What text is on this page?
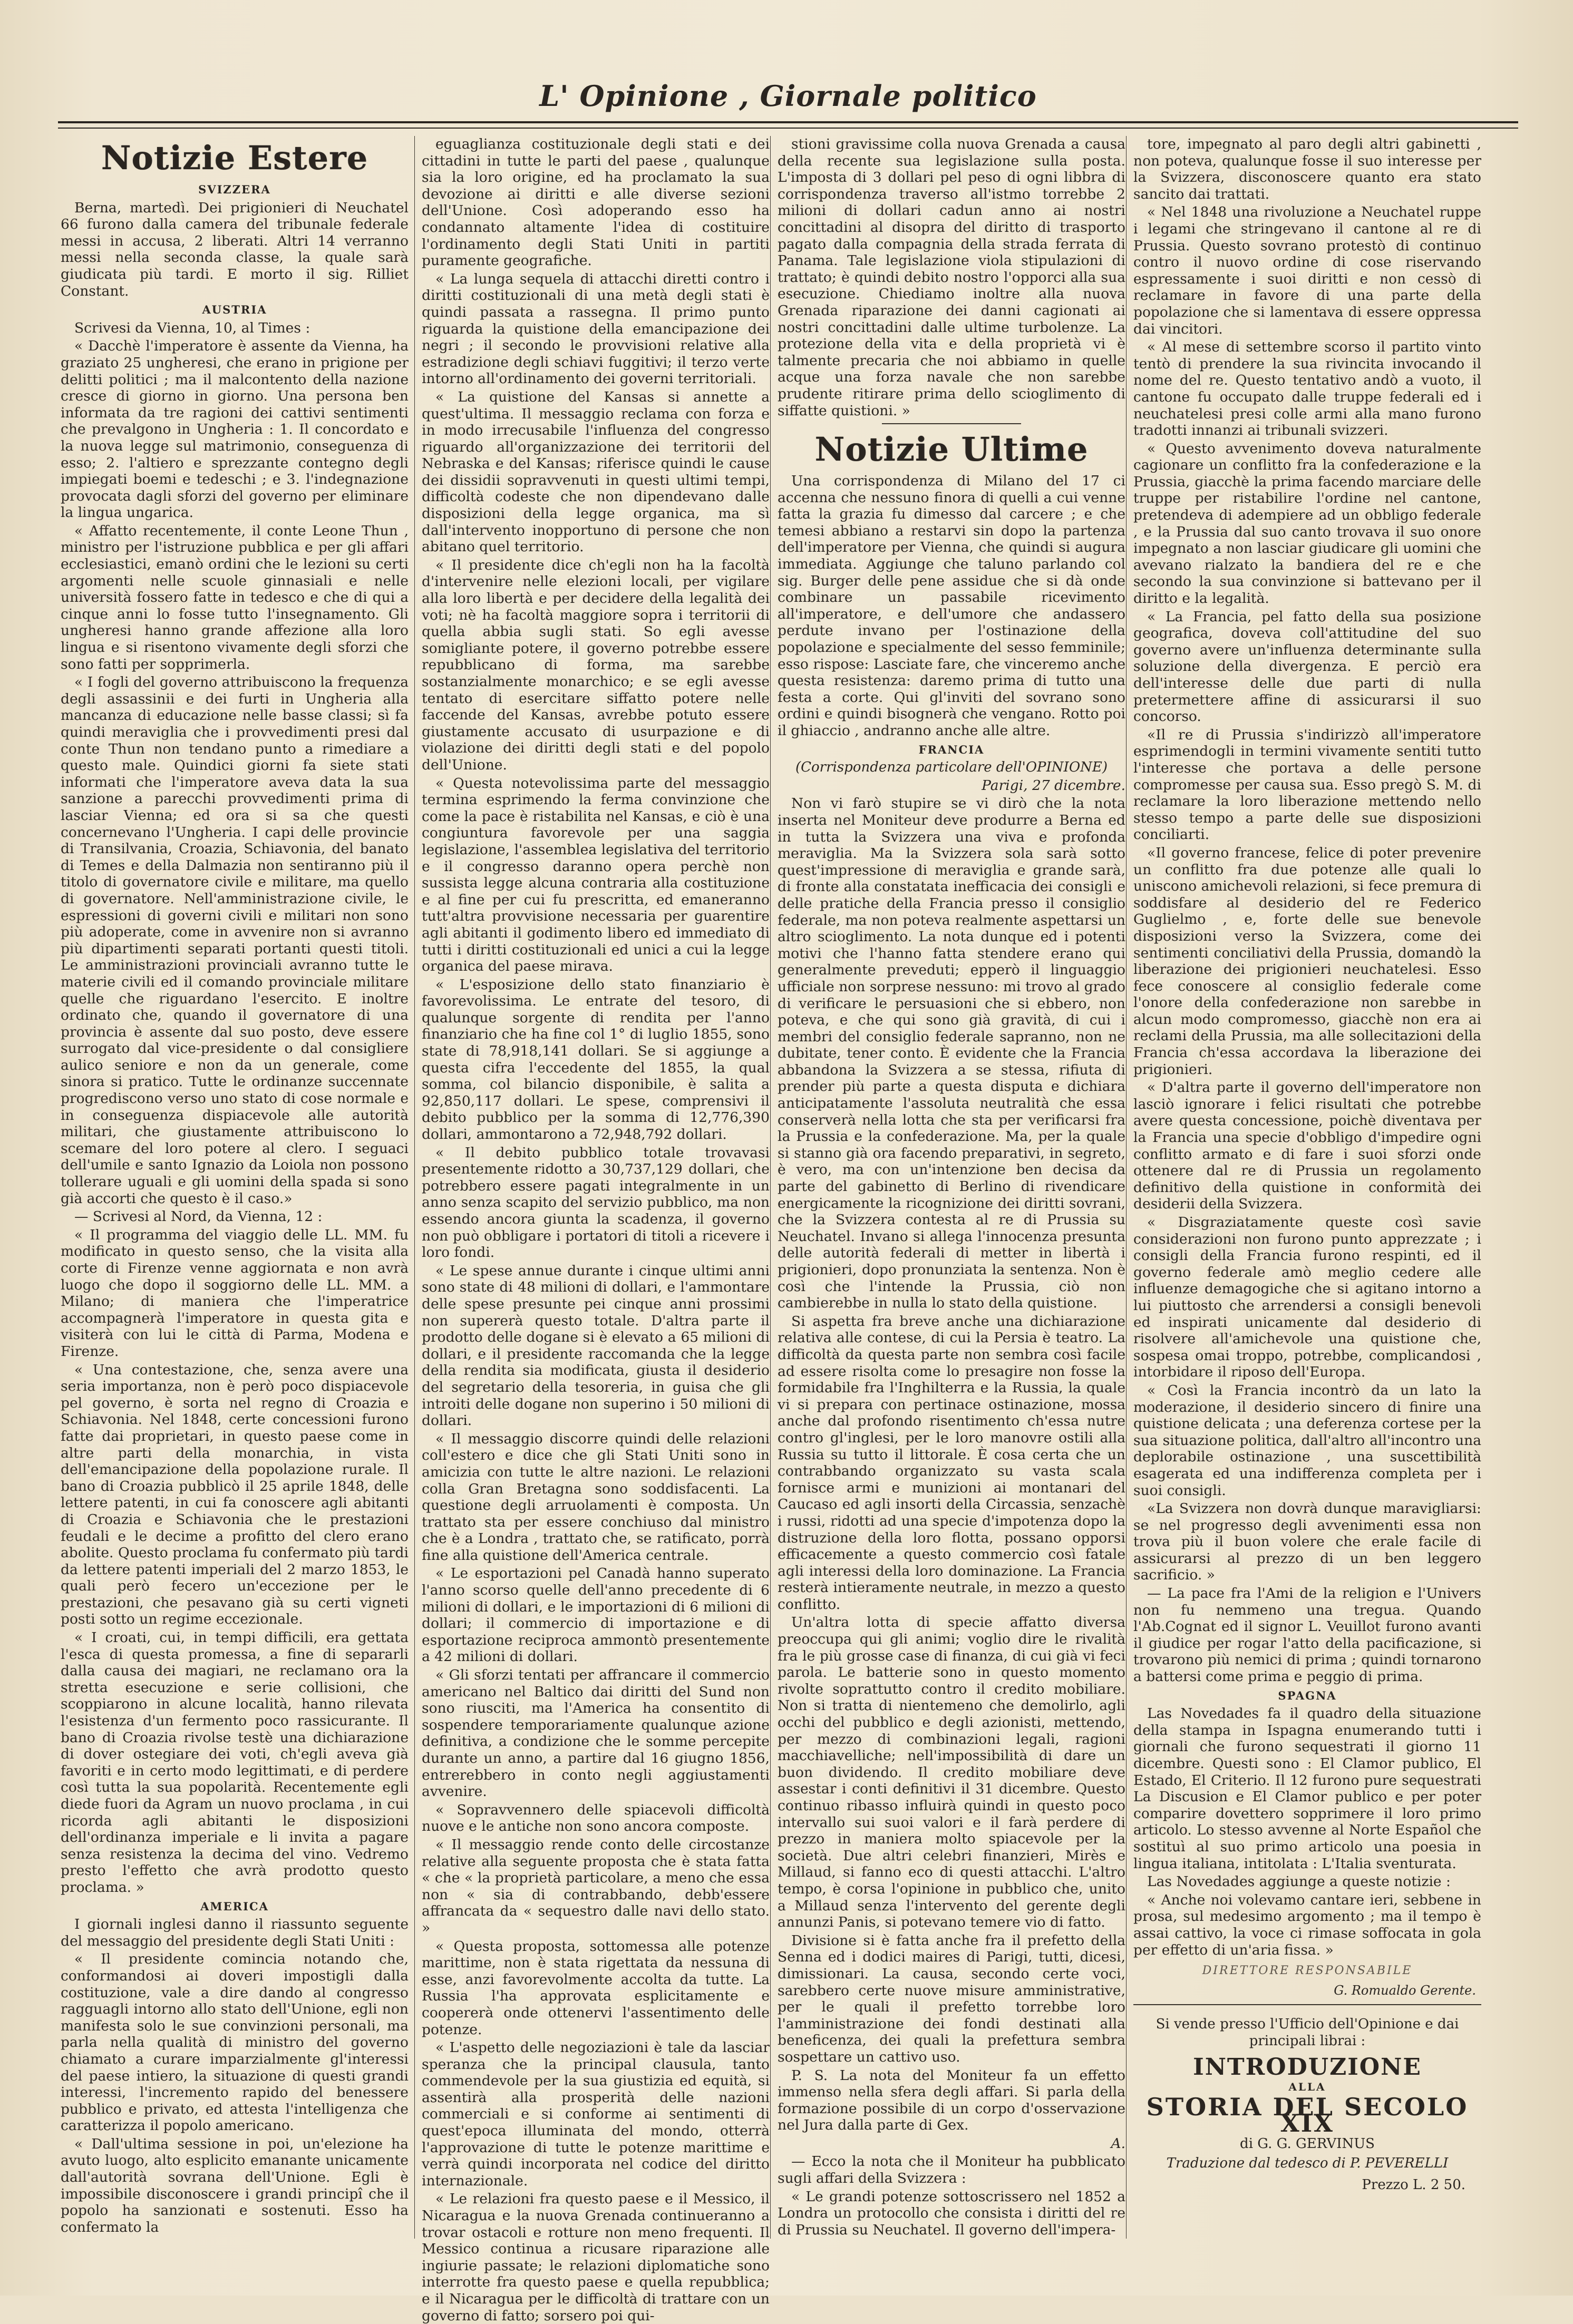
L' Opinione , Giornale politico
Notizie Estere
SVIZZERA

Berna, martedì. Dei prigionieri di Neuchatel 66 furono dalla camera del tribunale federale messi in accusa, 2 liberati. Altri 14 verranno messi nella seconda classe, la quale sarà giudicata più tardi. E morto il sig. Rilliet Constant.

AUSTRIA

Scrivesi da Vienna, 10, al Times :

« Dacchè l'imperatore è assente da Vienna, ha graziato 25 ungheresi, che erano in prigione per delitti politici ; ma il malcontento della nazione cresce di giorno in giorno. Una persona ben informata da tre ragioni dei cattivi sentimenti che prevalgono in Ungheria : 1. Il concordato e la nuova legge sul matrimonio, conseguenza di esso; 2. l'altiero e sprezzante contegno degli impiegati boemi e tedeschi ; e 3. l'indegnazione provocata dagli sforzi del governo per eliminare la lingua ungarica.

« Affatto recentemente, il conte Leone Thun , ministro per l'istruzione pubblica e per gli affari ecclesiastici, emanò ordini che le lezioni su certi argomenti nelle scuole ginnasiali e nelle università fossero fatte in tedesco e che di qui a cinque anni lo fosse tutto l'insegnamento. Gli ungheresi hanno grande affezione alla loro lingua e si risentono vivamente degli sforzi che sono fatti per sopprimerla.

« I fogli del governo attribuiscono la frequenza degli assassinii e dei furti in Ungheria alla mancanza di educazione nelle basse classi; sì fa quindi meraviglia che i provvedimenti presi dal conte Thun non tendano punto a rimediare a questo male. Quindici giorni fa siete stati informati che l'imperatore aveva data la sua sanzione a parecchi provvedimenti prima di lasciar Vienna; ed ora si sa che questi concernevano l'Ungheria. I capi delle provincie di Transilvania, Croazia, Schiavonia, del banato di Temes e della Dalmazia non sentiranno più il titolo di governatore civile e militare, ma quello di governatore. Nell'amministrazione civile, le espressioni di governi civili e militari non sono più adoperate, come in avvenire non si avranno più dipartimenti separati portanti questi titoli. Le amministrazioni provinciali avranno tutte le materie civili ed il comando provinciale militare quelle che riguardano l'esercito. E inoltre ordinato che, quando il governatore di una provincia è assente dal suo posto, deve essere surrogato dal vice-presidente o dal consigliere aulico seniore e non da un generale, come sinora si pratico. Tutte le ordinanze succennate progrediscono verso uno stato di cose normale e in conseguenza dispiacevole alle autorità militari, che giustamente attribuiscono lo scemare del loro potere al clero. I seguaci dell'umile e santo Ignazio da Loiola non possono tollerare uguali e gli uomini della spada si sono già accorti che questo è il caso.»

— Scrivesi al Nord, da Vienna, 12 :

« Il programma del viaggio delle LL. MM. fu modificato in questo senso, che la visita alla corte di Firenze venne aggiornata e non avrà luogo che dopo il soggiorno delle LL. MM. a Milano; di maniera che l'imperatrice accompagnerà l'imperatore in questa gita e visiterà con lui le città di Parma, Modena e Firenze.

« Una contestazione, che, senza avere una seria importanza, non è però poco dispiacevole pel governo, è sorta nel regno di Croazia e Schiavonia. Nel 1848, certe concessioni furono fatte dai proprietari, in questo paese come in altre parti della monarchia, in vista dell'emancipazione della popolazione rurale. Il bano di Croazia pubblicò il 25 aprile 1848, delle lettere patenti, in cui fa conoscere agli abitanti di Croazia e Schiavonia che le prestazioni feudali e le decime a profitto del clero erano abolite. Questo proclama fu confermato più tardi da lettere patenti imperiali del 2 marzo 1853, le quali però fecero un'eccezione per le prestazioni, che pesavano già su certi vigneti posti sotto un regime eccezionale.

« I croati, cui, in tempi difficili, era gettata l'esca di questa promessa, a fine di separarli dalla causa dei magiari, ne reclamano ora la stretta esecuzione e serie collisioni, che scoppiarono in alcune località, hanno rilevata l'esistenza d'un fermento poco rassicurante. Il bano di Croazia rivolse testè una dichiarazione di dover ostegiare dei voti, ch'egli aveva già favoriti e in certo modo legittimati, e di perdere così tutta la sua popolarità. Recentemente egli diede fuori da Agram un nuovo proclama , in cui ricorda agli abitanti le disposizioni dell'ordinanza imperiale e li invita a pagare senza resistenza la decima del vino. Vedremo presto l'effetto che avrà prodotto questo proclama. »

AMERICA

I giornali inglesi danno il riassunto seguente del messaggio del presidente degli Stati Uniti :

« Il presidente comincia notando che, conformandosi ai doveri impostigli dalla costituzione, vale a dire dando al congresso ragguagli intorno allo stato dell'Unione, egli non manifesta solo le sue convinzioni personali, ma parla nella qualità di ministro del governo chiamato a curare imparzialmente gl'interessi del paese intiero, la situazione di questi grandi interessi, l'incremento rapido del benessere pubblico e privato, ed attesta l'intelligenza che caratterizza il popolo americano.

« Dall'ultima sessione in poi, un'elezione ha avuto luogo, alto esplicito emanante unicamente dall'autorità sovrana dell'Unione. Egli è impossibile disconoscere i grandi principî che il popolo ha sanzionati e sostenuti. Esso ha confermato la

eguaglianza costituzionale degli stati e dei cittadini in tutte le parti del paese , qualunque sia la loro origine, ed ha proclamato la sua devozione ai diritti e alle diverse sezioni dell'Unione. Così adoperando esso ha condannato altamente l'idea di costituire l'ordinamento degli Stati Uniti in partiti puramente geografiche.

« La lunga sequela di attacchi diretti contro i diritti costituzionali di una metà degli stati è quindi passata a rassegna. Il primo punto riguarda la quistione della emancipazione dei negri ; il secondo le provvisioni relative alla estradizione degli schiavi fuggitivi; il terzo verte intorno all'ordinamento dei governi territoriali.

« La quistione del Kansas si annette a quest'ultima. Il messaggio reclama con forza e in modo irrecusabile l'influenza del congresso riguardo all'organizzazione dei territorii del Nebraska e del Kansas; riferisce quindi le cause dei dissidii sopravvenuti in questi ultimi tempi, difficoltà codeste che non dipendevano dalle disposizioni della legge organica, ma sì dall'intervento inopportuno di persone che non abitano quel territorio.

« Il presidente dice ch'egli non ha la facoltà d'intervenire nelle elezioni locali, per vigilare alla loro libertà e per decidere della legalità dei voti; nè ha facoltà maggiore sopra i territorii di quella abbia sugli stati. So egli avesse somigliante potere, il governo potrebbe essere repubblicano di forma, ma sarebbe sostanzialmente monarchico; e se egli avesse tentato di esercitare siffatto potere nelle faccende del Kansas, avrebbe potuto essere giustamente accusato di usurpazione e di violazione dei diritti degli stati e del popolo dell'Unione.

« Questa notevolissima parte del messaggio termina esprimendo la ferma convinzione che come la pace è ristabilita nel Kansas, e ciò è una congiuntura favorevole per una saggia legislazione, l'assemblea legislativa del territorio e il congresso daranno opera perchè non sussista legge alcuna contraria alla costituzione e al fine per cui fu prescritta, ed emaneranno tutt'altra provvisione necessaria per guarentire agli abitanti il godimento libero ed immediato di tutti i diritti costituzionali ed unici a cui la legge organica del paese mirava.

« L'esposizione dello stato finanziario è favorevolissima. Le entrate del tesoro, di qualunque sorgente di rendita per l'anno finanziario che ha fine col 1° di luglio 1855, sono state di 78,918,141 dollari. Se si aggiunge a questa cifra l'eccedente del 1855, la qual somma, col bilancio disponibile, è salita a 92,850,117 dollari. Le spese, comprensivi il debito pubblico per la somma di 12,776,390 dollari, ammontarono a 72,948,792 dollari.

« Il debito pubblico totale trovavasi presentemente ridotto a 30,737,129 dollari, che potrebbero essere pagati integralmente in un anno senza scapito del servizio pubblico, ma non essendo ancora giunta la scadenza, il governo non può obbligare i portatori di titoli a ricevere i loro fondi.

« Le spese annue durante i cinque ultimi anni sono state di 48 milioni di dollari, e l'ammontare delle spese presunte pei cinque anni prossimi non supererà questo totale. D'altra parte il prodotto delle dogane si è elevato a 65 milioni di dollari, e il presidente raccomanda che la legge della rendita sia modificata, giusta il desiderio del segretario della tesoreria, in guisa che gli introiti delle dogane non superino i 50 milioni di dollari.

« Il messaggio discorre quindi delle relazioni coll'estero e dice che gli Stati Uniti sono in amicizia con tutte le altre nazioni. Le relazioni colla Gran Bretagna sono soddisfacenti. La questione degli arruolamenti è composta. Un trattato sta per essere conchiuso dal ministro che è a Londra , trattato che, se ratificato, porrà fine alla quistione dell'America centrale.

« Le esportazioni pel Canadà hanno superato l'anno scorso quelle dell'anno precedente di 6 milioni di dollari, e le importazioni di 6 milioni di dollari; il commercio di importazione e di esportazione reciproca ammontò presentemente a 42 milioni di dollari.

« Gli sforzi tentati per affrancare il commercio americano nel Baltico dai diritti del Sund non sono riusciti, ma l'America ha consentito di sospendere temporariamente qualunque azione definitiva, a condizione che le somme percepite durante un anno, a partire dal 16 giugno 1856, entrerebbero in conto negli aggiustamenti avvenire.

« Sopravvennero delle spiacevoli difficoltà nuove e le antiche non sono ancora composte.

« Il messaggio rende conto delle circostanze relative alla seguente proposta che è stata fatta « che « la proprietà particolare, a meno che essa non « sia di contrabbando, debb'essere affrancata da « sequestro dalle navi dello stato. »

« Questa proposta, sottomessa alle potenze marittime, non è stata rigettata da nessuna di esse, anzi favorevolmente accolta da tutte. La Russia l'ha approvata esplicitamente e coopererà onde ottenervi l'assentimento delle potenze.

« L'aspetto delle negoziazioni è tale da lasciar speranza che la principal clausula, tanto commendevole per la sua giustizia ed equità, si assentirà alla prosperità delle nazioni commerciali e si conforme ai sentimenti di quest'epoca illuminata del mondo, otterrà l'approvazione di tutte le potenze marittime e verrà quindi incorporata nel codice del diritto internazionale.

« Le relazioni fra questo paese e il Messico, il Nicaragua e la nuova Grenada continueranno a trovar ostacoli e rotture non meno frequenti. Il Messico continua a ricusare riparazione alle ingiurie passate; le relazioni diplomatiche sono interrotte fra questo paese e quella repubblica; e il Nicaragua per le difficoltà di trattare con un governo di fatto; sorsero poi qui-

stioni gravissime colla nuova Grenada a causa della recente sua legislazione sulla posta. L'imposta di 3 dollari pel peso di ogni libbra di corrispondenza traverso all'istmo torrebbe 2 milioni di dollari cadun anno ai nostri concittadini al disopra del diritto di trasporto pagato dalla compagnia della strada ferrata di Panama. Tale legislazione viola stipulazioni di trattato; è quindi debito nostro l'opporci alla sua esecuzione. Chiediamo inoltre alla nuova Grenada riparazione dei danni cagionati ai nostri concittadini dalle ultime turbolenze. La protezione della vita e della proprietà vi è talmente precaria che noi abbiamo in quelle acque una forza navale che non sarebbe prudente ritirare prima dello scioglimento di siffatte quistioni. »

Notizie Ultime

Una corrispondenza di Milano del 17 ci accenna che nessuno finora di quelli a cui venne fatta la grazia fu dimesso dal carcere ; e che temesi abbiano a restarvi sin dopo la partenza dell'imperatore per Vienna, che quindi si augura immediata. Aggiunge che taluno parlando col sig. Burger delle pene assidue che si dà onde combinare un passabile ricevimento all'imperatore, e dell'umore che andassero perdute invano per l'ostinazione della popolazione e specialmente del sesso femminile; esso rispose: Lasciate fare, che vinceremo anche questa resistenza: daremo prima di tutto una festa a corte. Qui gl'inviti del sovrano sono ordini e quindi bisognerà che vengano. Rotto poi il ghiaccio , andranno anche alle altre.

FRANCIA
(Corrispondenza particolare dell'OPINIONE)
Parigi, 27 dicembre.

Non vi farò stupire se vi dirò che la nota inserta nel Moniteur deve produrre a Berna ed in tutta la Svizzera una viva e profonda meraviglia. Ma la Svizzera sola sarà sotto quest'impressione di meraviglia e grande sarà, di fronte alla constatata inefficacia dei consigli e delle pratiche della Francia presso il consiglio federale, ma non poteva realmente aspettarsi un altro scioglimento. La nota dunque ed i potenti motivi che l'hanno fatta stendere erano qui generalmente preveduti; epperò il linguaggio ufficiale non sorprese nessuno: mi trovo al grado di verificare le persuasioni che si ebbero, non poteva, e che qui sono già gravità, di cui i membri del consiglio federale sapranno, non ne dubitate, tener conto. È evidente che la Francia abbandona la Svizzera a se stessa, rifiuta di prender più parte a questa disputa e dichiara anticipatamente l'assoluta neutralità che essa conserverà nella lotta che sta per verificarsi fra la Prussia e la confederazione. Ma, per la quale si stanno già ora facendo preparativi, in segreto, è vero, ma con un'intenzione ben decisa da parte del gabinetto di Berlino di rivendicare energicamente la ricognizione dei diritti sovrani, che la Svizzera contesta al re di Prussia su Neuchatel. Invano si allega l'innocenza presunta delle autorità federali di metter in libertà i prigionieri, dopo pronunziata la sentenza. Non è così che l'intende la Prussia, ciò non cambierebbe in nulla lo stato della quistione.

Si aspetta fra breve anche una dichiarazione relativa alle contese, di cui la Persia è teatro. La difficoltà da questa parte non sembra così facile ad essere risolta come lo presagire non fosse la formidabile fra l'Inghilterra e la Russia, la quale vi si prepara con pertinace ostinazione, mossa anche dal profondo risentimento ch'essa nutre contro gl'inglesi, per le loro manovre ostili alla Russia su tutto il littorale. È cosa certa che un contrabbando organizzato su vasta scala fornisce armi e munizioni ai montanari del Caucaso ed agli insorti della Circassia, senzachè i russi, ridotti ad una specie d'impotenza dopo la distruzione della loro flotta, possano opporsi efficacemente a questo commercio così fatale agli interessi della loro dominazione. La Francia resterà intieramente neutrale, in mezzo a questo conflitto.

Un'altra lotta di specie affatto diversa preoccupa qui gli animi; voglio dire le rivalità fra le più grosse case di finanza, di cui già vi feci parola. Le batterie sono in questo momento rivolte soprattutto contro il credito mobiliare. Non si tratta di nientemeno che demolirlo, agli occhi del pubblico e degli azionisti, mettendo, per mezzo di combinazioni legali, ragioni macchiavelliche; nell'impossibilità di dare un buon dividendo. Il credito mobiliare deve assestar i conti definitivi il 31 dicembre. Questo continuo ribasso influirà quindi in questo poco intervallo sui suoi valori e il farà perdere di prezzo in maniera molto spiacevole per la società. Due altri celebri finanzieri, Mirès e Millaud, si fanno eco di questi attacchi. L'altro tempo, è corsa l'opinione in pubblico che, unito a Millaud senza l'intervento del gerente degli annunzi Panis, si potevano temere vio di fatto.

Divisione si è fatta anche fra il prefetto della Senna ed i dodici maires di Parigi, tutti, dicesi, dimissionari. La causa, secondo certe voci, sarebbero certe nuove misure amministrative, per le quali il prefetto torrebbe loro l'amministrazione dei fondi destinati alla beneficenza, dei quali la prefettura sembra sospettare un cattivo uso.

P. S. La nota del Moniteur fa un effetto immenso nella sfera degli affari. Si parla della formazione possibile di un corpo d'osservazione nel Jura dalla parte di Gex.

A.

— Ecco la nota che il Moniteur ha pubblicato sugli affari della Svizzera :

« Le grandi potenze sottoscrissero nel 1852 a Londra un protocollo che consista i diritti del re di Prussia su Neuchatel. Il governo dell'impera-

tore, impegnato al paro degli altri gabinetti , non poteva, qualunque fosse il suo interesse per la Svizzera, disconoscere quanto era stato sancito dai trattati.

« Nel 1848 una rivoluzione a Neuchatel ruppe i legami che stringevano il cantone al re di Prussia. Questo sovrano protestò di continuo contro il nuovo ordine di cose riservando espressamente i suoi diritti e non cessò di reclamare in favore di una parte della popolazione che si lamentava di essere oppressa dai vincitori.

« Al mese di settembre scorso il partito vinto tentò di prendere la sua rivincita invocando il nome del re. Questo tentativo andò a vuoto, il cantone fu occupato dalle truppe federali ed i neuchatelesi presi colle armi alla mano furono tradotti innanzi ai tribunali svizzeri.

« Questo avvenimento doveva naturalmente cagionare un conflitto fra la confederazione e la Prussia, giacchè la prima facendo marciare delle truppe per ristabilire l'ordine nel cantone, pretendeva di adempiere ad un obbligo federale , e la Prussia dal suo canto trovava il suo onore impegnato a non lasciar giudicare gli uomini che avevano rialzato la bandiera del re e che secondo la sua convinzione si battevano per il diritto e la legalità.

« La Francia, pel fatto della sua posizione geografica, doveva coll'attitudine del suo governo avere un'influenza determinante sulla soluzione della divergenza. E perciò era dell'interesse delle due parti di nulla pretermettere affine di assicurarsi il suo concorso.

«Il re di Prussia s'indirizzò all'imperatore esprimendogli in termini vivamente sentiti tutto l'interesse che portava a delle persone compromesse per causa sua. Esso pregò S. M. di reclamare la loro liberazione mettendo nello stesso tempo a parte delle sue disposizioni conciliarti.

«Il governo francese, felice di poter prevenire un conflitto fra due potenze alle quali lo uniscono amichevoli relazioni, si fece premura di soddisfare al desiderio del re Federico Guglielmo , e, forte delle sue benevole disposizioni verso la Svizzera, come dei sentimenti conciliativi della Prussia, domandò la liberazione dei prigionieri neuchatelesi. Esso fece conoscere al consiglio federale come l'onore della confederazione non sarebbe in alcun modo compromesso, giacchè non era ai reclami della Prussia, ma alle sollecitazioni della Francia ch'essa accordava la liberazione dei prigionieri.

« D'altra parte il governo dell'imperatore non lasciò ignorare i felici risultati che potrebbe avere questa concessione, poichè diventava per la Francia una specie d'obbligo d'impedire ogni conflitto armato e di fare i suoi sforzi onde ottenere dal re di Prussia un regolamento definitivo della quistione in conformità dei desiderii della Svizzera.

« Disgraziatamente queste così savie considerazioni non furono punto apprezzate ; i consigli della Francia furono respinti, ed il governo federale amò meglio cedere alle influenze demagogiche che si agitano intorno a lui piuttosto che arrendersi a consigli benevoli ed inspirati unicamente dal desiderio di risolvere all'amichevole una quistione che, sospesa omai troppo, potrebbe, complicandosi , intorbidare il riposo dell'Europa.

« Così la Francia incontrò da un lato la moderazione, il desiderio sincero di finire una quistione delicata ; una deferenza cortese per la sua situazione politica, dall'altro all'incontro una deplorabile ostinazione , una suscettibilità esagerata ed una indifferenza completa per i suoi consigli.

«La Svizzera non dovrà dunque maravigliarsi: se nel progresso degli avvenimenti essa non trova più il buon volere che erale facile di assicurarsi al prezzo di un ben leggero sacrificio. »

— La pace fra l'Ami de la religion e l'Univers non fu nemmeno una tregua. Quando l'Ab.Cognat ed il signor L. Veuillot furono avanti il giudice per rogar l'atto della pacificazione, si trovarono più nemici di prima ; quindi tornarono a battersi come prima e peggio di prima.

SPAGNA

Las Novedades fa il quadro della situazione della stampa in Ispagna enumerando tutti i giornali che furono sequestrati il giorno 11 dicembre. Questi sono : El Clamor publico, El Estado, El Criterio. Il 12 furono pure sequestrati La Discusion e El Clamor publico e per poter comparire dovettero sopprimere il loro primo articolo. Lo stesso avvenne al Norte Español che sostituì al suo primo articolo una poesia in lingua italiana, intitolata : L'Italia sventurata.

Las Novedades aggiunge a queste notizie :

« Anche noi volevamo cantare ieri, sebbene in prosa, sul medesimo argomento ; ma il tempo è assai cattivo, la voce ci rimase soffocata in gola per effetto di un'aria fissa. »

DIRETTORE RESPONSABILE
G. Romualdo Gerente.
Si vende presso l'Ufficio dell'Opinione e dai
principali librai :
INTRODUZIONE
ALLA
STORIA DEL SECOLO XIX
di G. G. GERVINUS
Traduzione dal tedesco di P. PEVERELLI
Prezzo L. 2 50.
